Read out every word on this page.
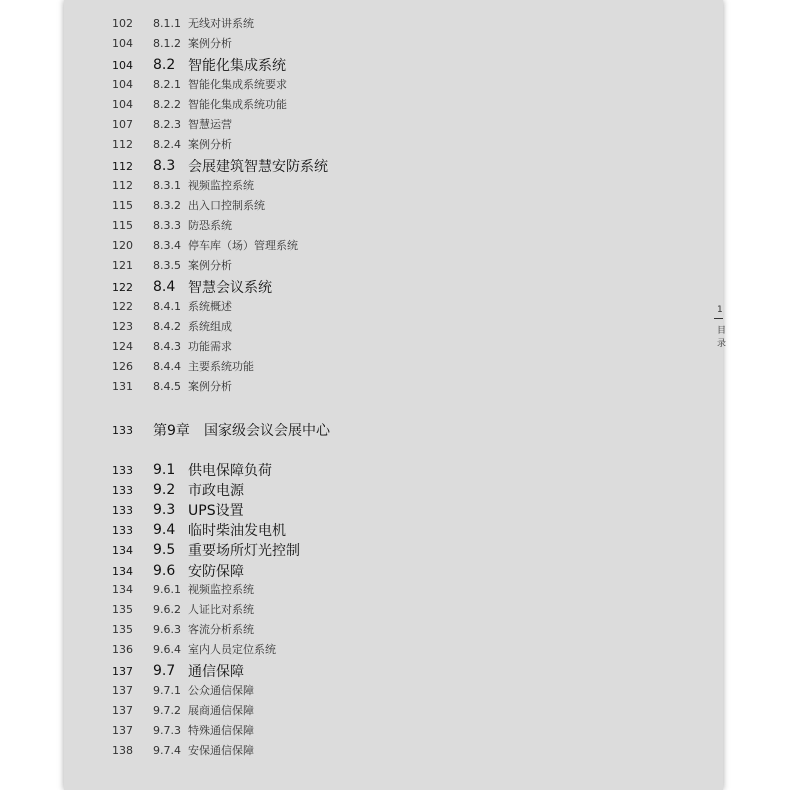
102	8.1.1 无线对讲系统
104	8.1.2 案例分析
104	8.2 智能化集成系统
104	8.2.1 智能化集成系统要求
104	8.2.2 智能化集成系统功能
107	8.2.3 智慧运营
112	8.2.4 案例分析
112	8.3 会展建筑智慧安防系统
112	8.3.1 视频监控系统
115	8.3.2 出入口控制系统
115	8.3.3 防恐系统
120	8.3.4 停车库（场）管理系统
121	8.3.5 案例分析
122	8.4 智慧会议系统
122	8.4.1 系统概述
123	8.4.2 系统组成
124	8.4.3 功能需求
126	8.4.4 主要系统功能
131	8.4.5 案例分析
133	第9章 国家级会议会展中心
133	9.1 供电保障负荷
133	9.2 市政电源
133	9.3 UPS设置
133	9.4 临时柴油发电机
134	9.5 重要场所灯光控制
134	9.6 安防保障
134	9.6.1 视频监控系统
135	9.6.2 人证比对系统
135	9.6.3 客流分析系统
136	9.6.4 室内人员定位系统
137	9.7 通信保障
137	9.7.1 公众通信保障
137	9.7.2 展商通信保障
137	9.7.3 特殊通信保障
138	9.7.4 安保通信保障
1
目
录
